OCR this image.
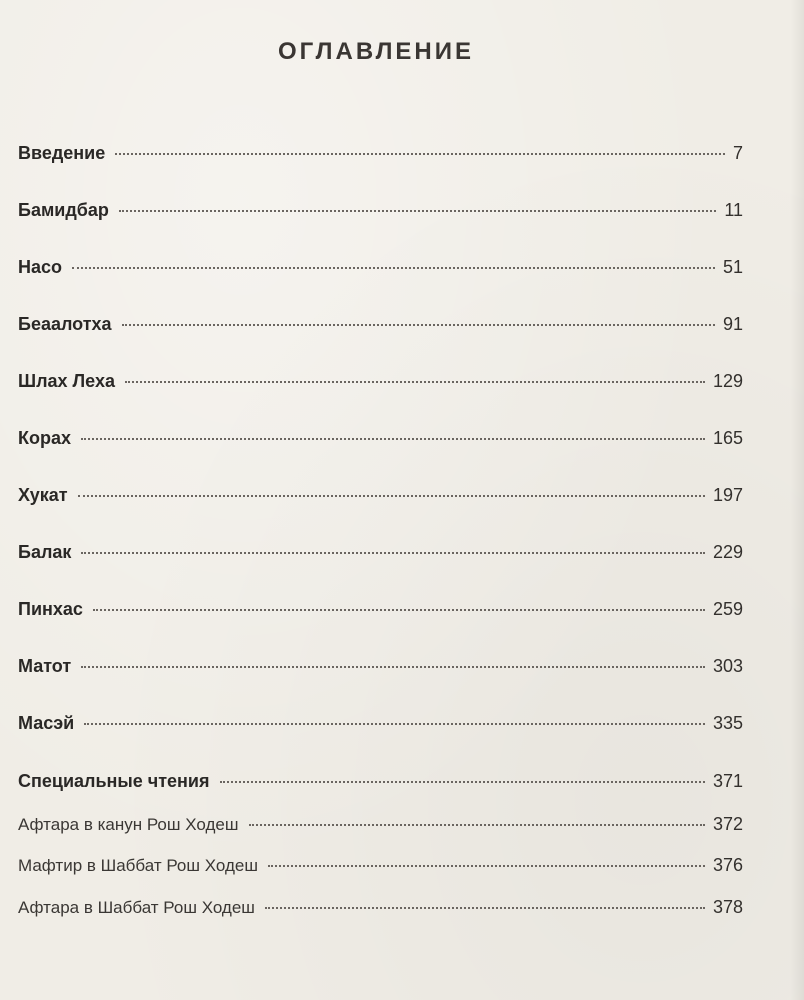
ОГЛАВЛЕНИЕ
Введение	7
Бамидбар	11
Насо	51
Беаалотха	91
Шлах Леха	129
Корах	165
Хукат	197
Балак	229
Пинхас	259
Матот	303
Масэй	335
Специальные чтения	371
Афтара в канун Рош Ходеш	372
Мафтир в Шаббат Рош Ходеш	376
Афтара в Шаббат Рош Ходеш	378
